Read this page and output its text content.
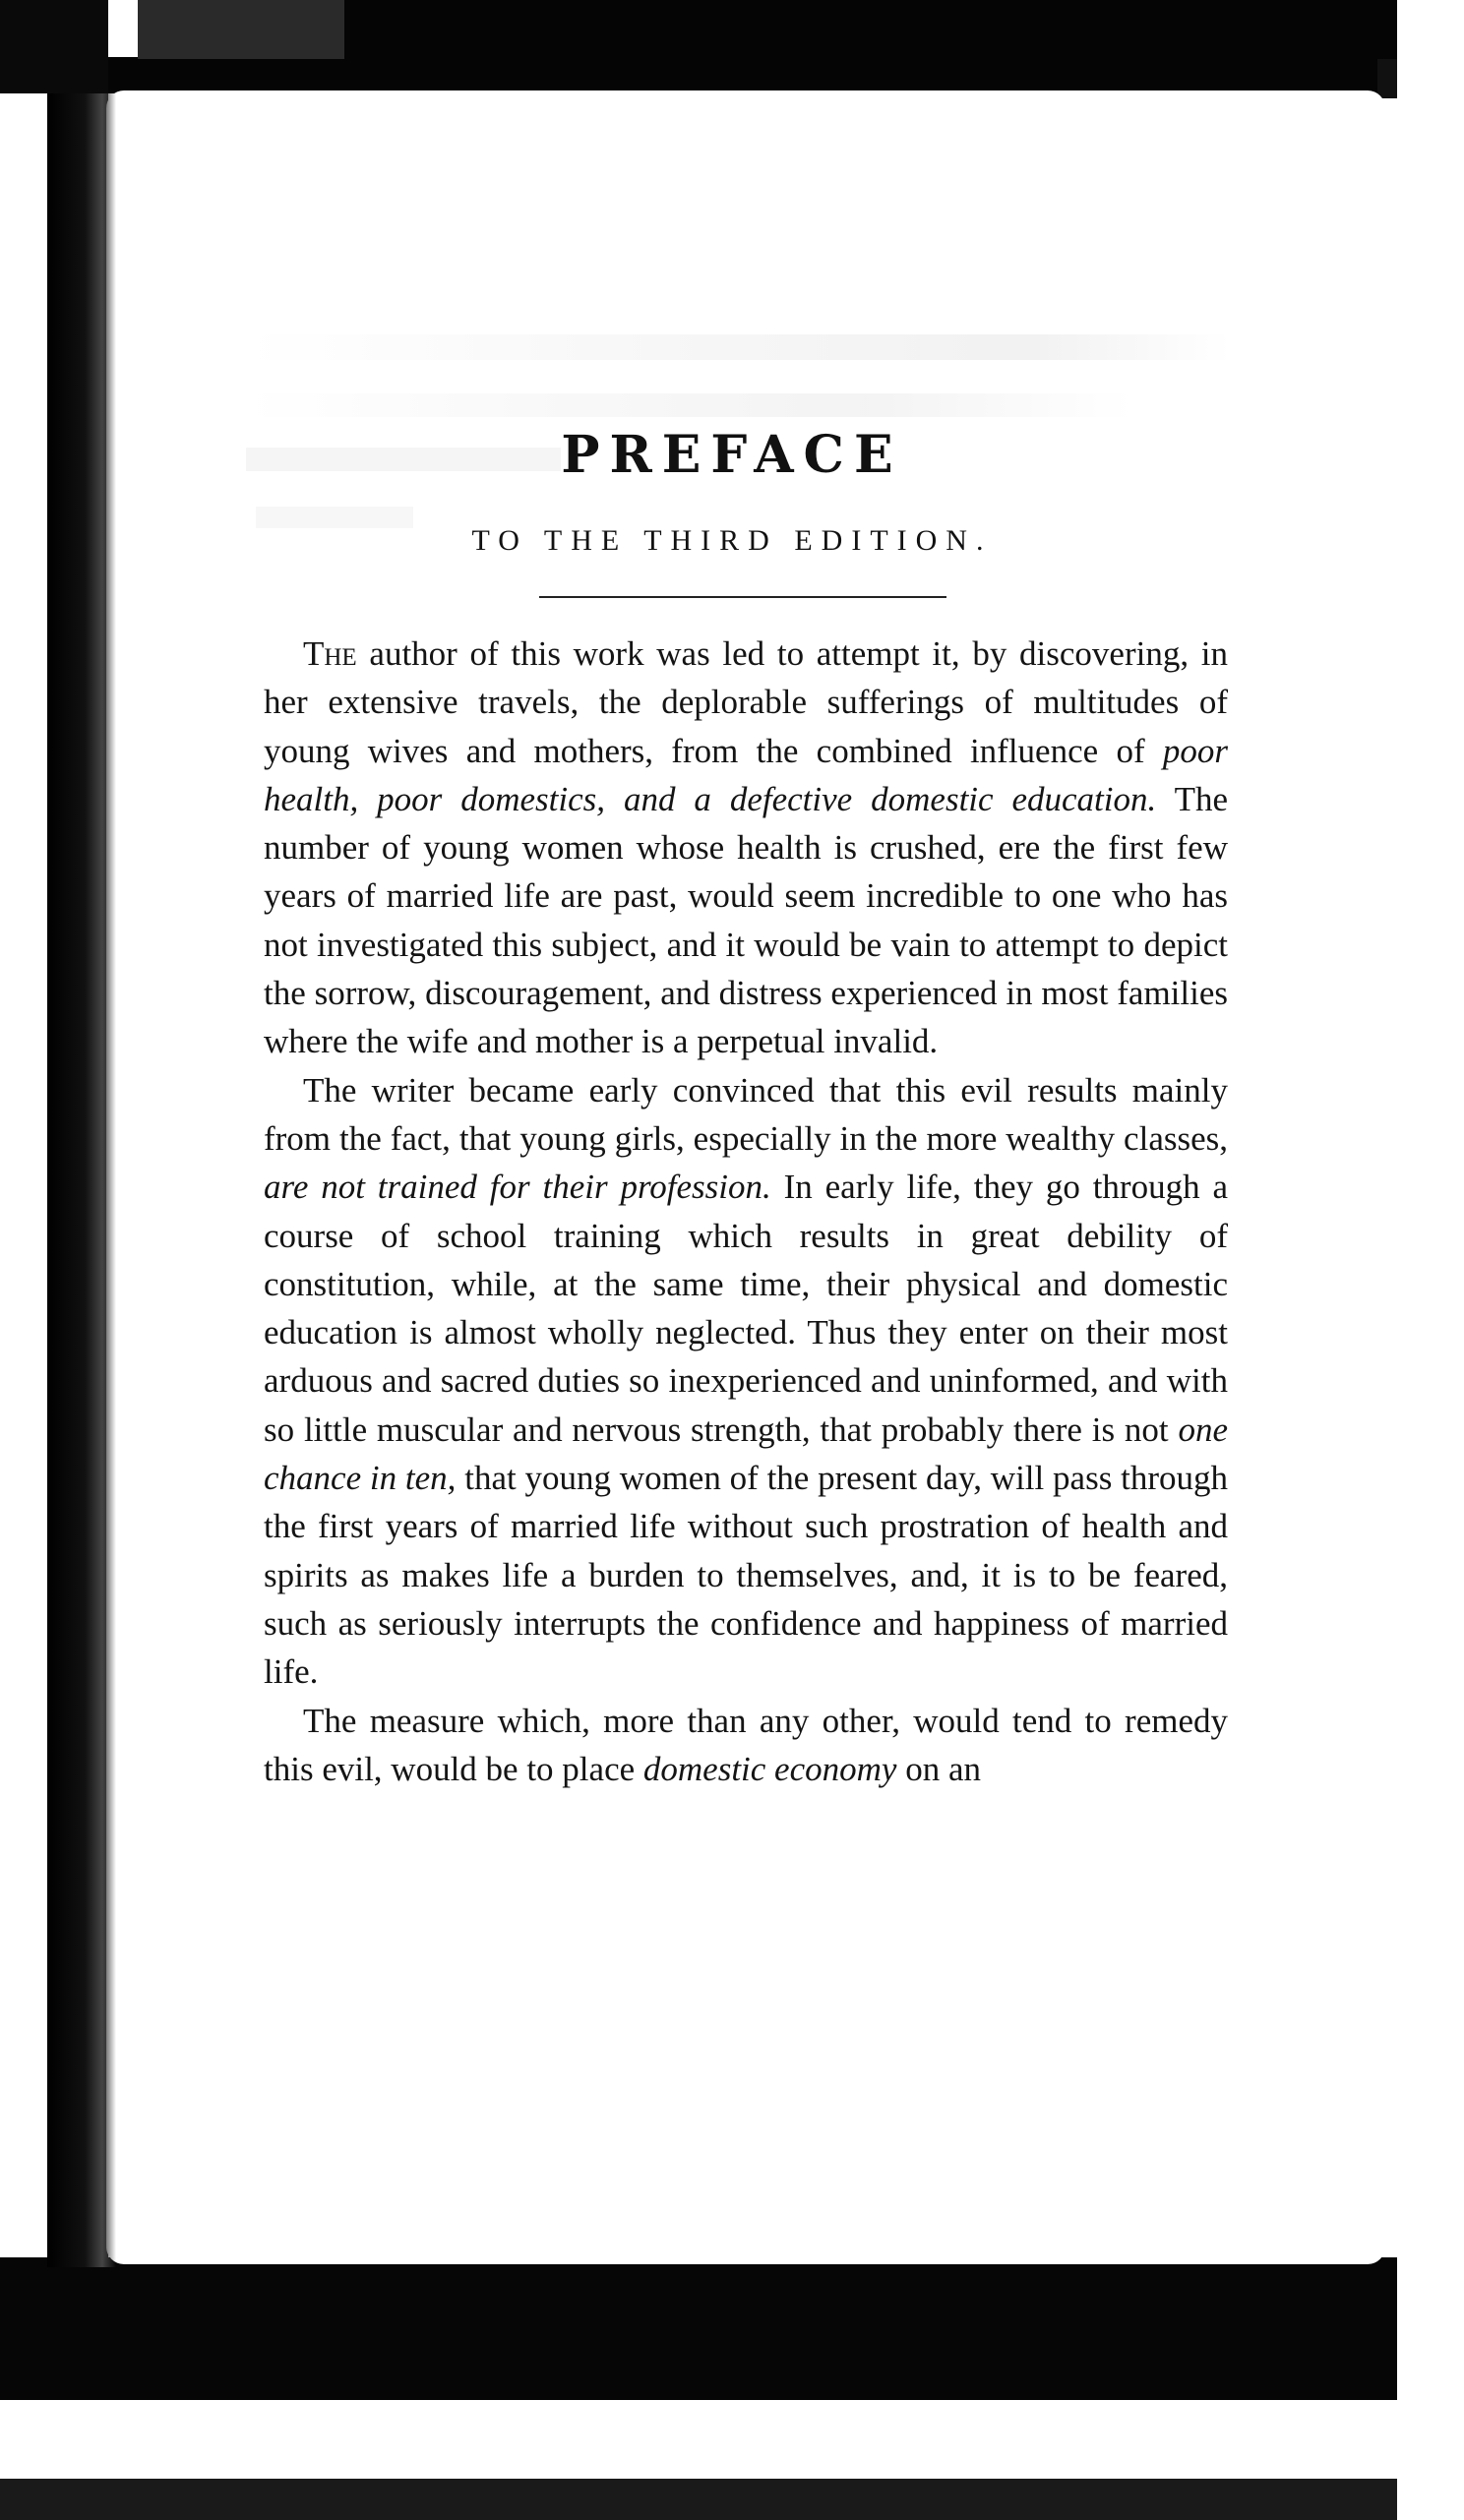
PREFACE
TO THE THIRD EDITION.

The author of this work was led to attempt it, by discovering, in her extensive travels, the deplorable sufferings of multitudes of young wives and mothers, from the combined influence of poor health, poor domestics, and a defective domestic education. The number of young women whose health is crushed, ere the first few years of married life are past, would seem incredible to one who has not investigated this subject, and it would be vain to attempt to depict the sorrow, discouragement, and distress experienced in most families where the wife and mother is a perpetual invalid.

The writer became early convinced that this evil results mainly from the fact, that young girls, especially in the more wealthy classes, are not trained for their profession. In early life, they go through a course of school training which results in great debility of constitution, while, at the same time, their physical and domestic education is almost wholly neglected. Thus they enter on their most arduous and sacred duties so inexperienced and uninformed, and with so little muscular and nervous strength, that probably there is not one chance in ten, that young women of the present day, will pass through the first years of married life without such prostration of health and spirits as makes life a burden to themselves, and, it is to be feared, such as seriously interrupts the confidence and happiness of married life.

The measure which, more than any other, would tend to remedy this evil, would be to place domestic economy on an
